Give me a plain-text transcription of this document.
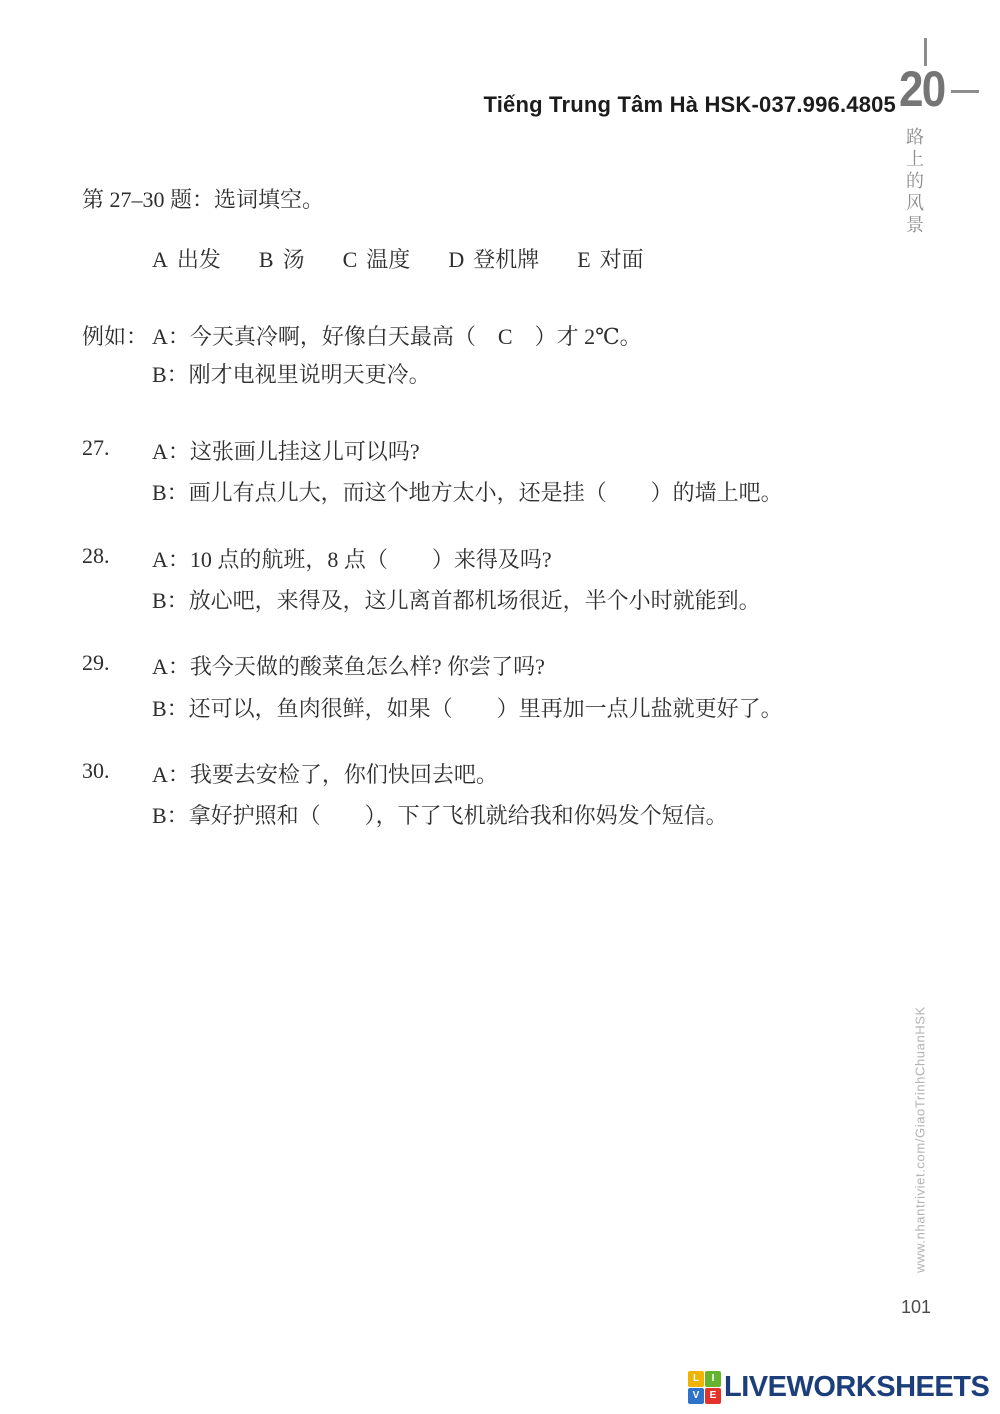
Tiếng Trung Tâm Hà HSK-037.996.4805 20
路上的风景
第 27–30 题：选词填空。
A 出发 B 汤 C 温度 D 登机牌 E 对面
例如： A：今天真冷啊，好像白天最高（　C　）才 2℃。
B：刚才电视里说明天更冷。
27. A：这张画儿挂这儿可以吗?
B：画儿有点儿大，而这个地方太小，还是挂（　　）的墙上吧。
28. A：10 点的航班，8 点（　　）来得及吗?
B：放心吧，来得及，这儿离首都机场很近，半个小时就能到。
29. A：我今天做的酸菜鱼怎么样? 你尝了吗?
B：还可以，鱼肉很鲜，如果（　　）里再加一点儿盐就更好了。
30. A：我要去安检了，你们快回去吧。
B：拿好护照和（　　），下了飞机就给我和你妈发个短信。
www.nhantriviet.com/GiaoTrinhChuanHSK
101
L I
V E LIVEWORKSHEETS
